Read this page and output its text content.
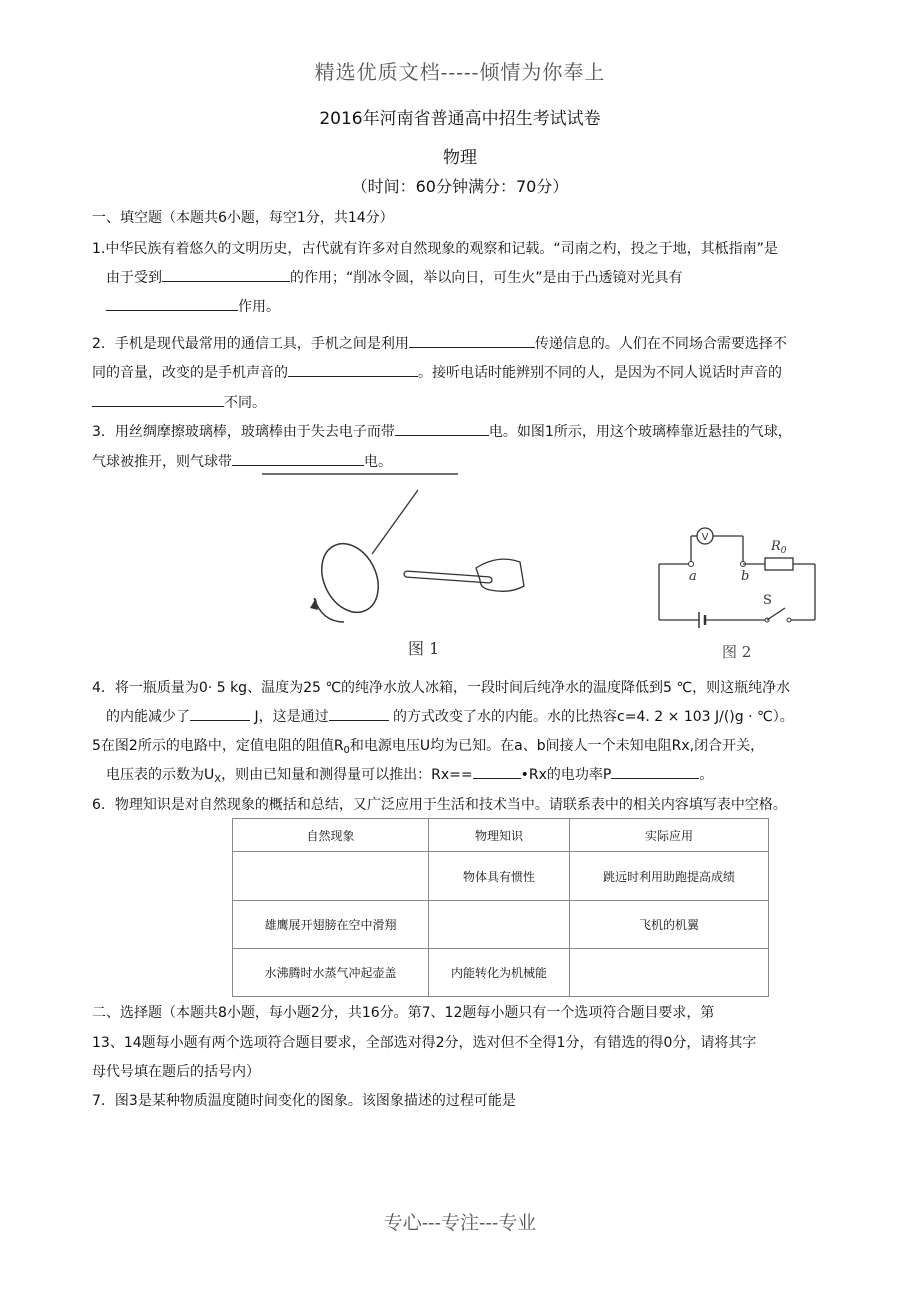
精选优质文档-----倾情为你奉上
2016年河南省普通高中招生考试试卷
物理
（时间：60分钟满分：70分）
一、填空题（本题共6小题，每空1分，共14分）
1.中华民族有着悠久的文明历史，古代就有许多对自然现象的观察和记载。“司南之杓，投之于地，其柢指南”是
由于受到	的作用；“削冰令圆，举以向日，可生火”是由于凸透镜对光具有
作用。
2．手机是现代最常用的通信工具，手机之间是利用	传递信息的。人们在不同场合需要选择不
同的音量，改变的是手机声音的	。接听电话时能辨别不同的人，是因为不同人说话时声音的
不同。
3．用丝绸摩擦玻璃棒，玻璃棒由于失去电子而带	电。如图1所示，用这个玻璃棒靠近悬挂的气球，
气球被推开，则气球带	电。
图 1
V
a	b
$R_0$
S
图 2
4．将一瓶质量为0· 5 kg、温度为25 ℃的纯净水放人冰箱，一段时间后纯净水的温度降低到5 ℃，则这瓶纯净水
的内能减少了	J，这是通过	的方式改变了水的内能。水的比热容c=4. 2 × 103 J/()g · ℃）。
5在图2所示的电路中，定值电阻的阻值$R_0$和电源电压U均为已知。在a、b间接人一个未知电阻Rx,闭合开关，
电压表的示数为$U_X$，则由已知量和测得量可以推出：Rx==	•Rx的电功率P	。
6．物理知识是对自然现象的概括和总结，又广泛应用于生活和技术当中。请联系表中的相关内容填写表中空格。
自然现象	物理知识	实际应用
	物体具有惯性	跳远时利用助跑提高成绩
雄鹰展开翅膀在空中滑翔		飞机的机翼
水沸腾时水蒸气冲起壶盖	内能转化为机械能	
二、选择题（本题共8小题，每小题2分，共16分。第7、12题每小题只有一个选项符合题目要求，第
13、14题每小题有两个选项符合题目要求，全部选对得2分，选对但不全得1分，有错选的得0分，请将其字
母代号填在题后的括号内）
7．图3是某种物质温度随时间变化的图象。该图象描述的过程可能是
专心---专注---专业
